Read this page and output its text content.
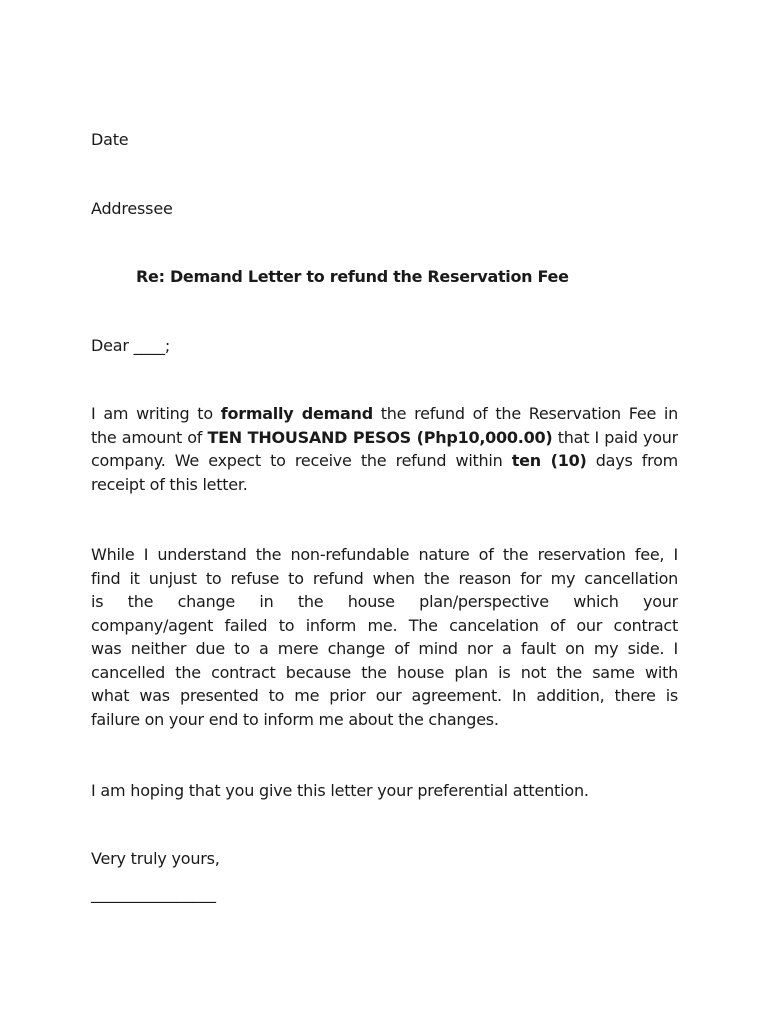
Date
Addressee
Re: Demand Letter to refund the Reservation Fee
Dear ____;
I am writing to formally demand the refund of the Reservation Fee in
the amount of TEN THOUSAND PESOS (Php10,000.00) that I paid your
company. We expect to receive the refund within ten (10) days from
receipt of this letter.
While I understand the non-refundable nature of the reservation fee, I
find it unjust to refuse to refund when the reason for my cancellation
is the change in the house plan/perspective which your
company/agent failed to inform me. The cancelation of our contract
was neither due to a mere change of mind nor a fault on my side. I
cancelled the contract because the house plan is not the same with
what was presented to me prior our agreement. In addition, there is
failure on your end to inform me about the changes.
I am hoping that you give this letter your preferential attention.
Very truly yours,
________________
